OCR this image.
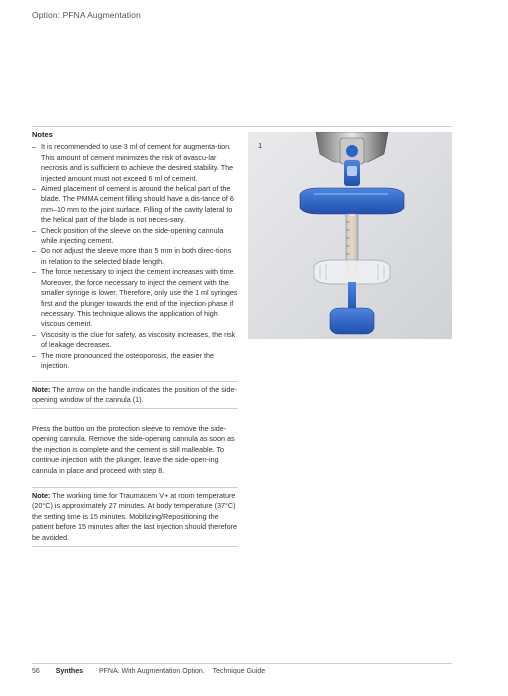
Option: PFNA Augmentation
Notes
– It is recommended to use 3 ml of cement for augmenta-tion. This amount of cement minimizes the risk of avascu-lar necrosis and is sufficient to achieve the desired stability. The injected amount must not exceed 6 ml of cement.
– Aimed placement of cement is around the helical part of the blade. The PMMA cement filling should have a dis-tance of 6 mm–10 mm to the joint surface. Filling of the cavity lateral to the helical part of the blade is not neces-sary.
– Check position of the sleeve on the side-opening cannula while injecting cement.
– Do not adjust the sleeve more than 5 mm in both direc-tions in relation to the selected blade length.
– The force necessary to inject the cement increases with time. Moreover, the force necessary to inject the cement with the smaller syringe is lower. Therefore, only use the 1 ml syringes first and the plunger towards the end of the injection phase if necessary. This technique allows the application of high viscous cement.
– Viscosity is the clue for safety, as viscosity increases, the risk of leakage decreases.
– The more pronounced the osteoporosis, the easier the injection.

Note: The arrow on the handle indicates the position of the side-opening window of the cannula (1).

Press the button on the protection sleeve to remove the side-opening cannula. Remove the side-opening cannula as soon as the injection is complete and the cement is still malleable. To continue injection with the plunger, leave the side-open-ing cannula in place and proceed with step 8.

Note: The working time for Traumacem V+ at room temperature (20°C) is approximately 27 minutes. At body temperature (37°C) the setting time is 15 minutes. Mobilizing/Repositioning the patient before 15 minutes after the last injection should therefore be avoided.

1
56 Synthes PFNA. With Augmentation Option. Technique Guide
